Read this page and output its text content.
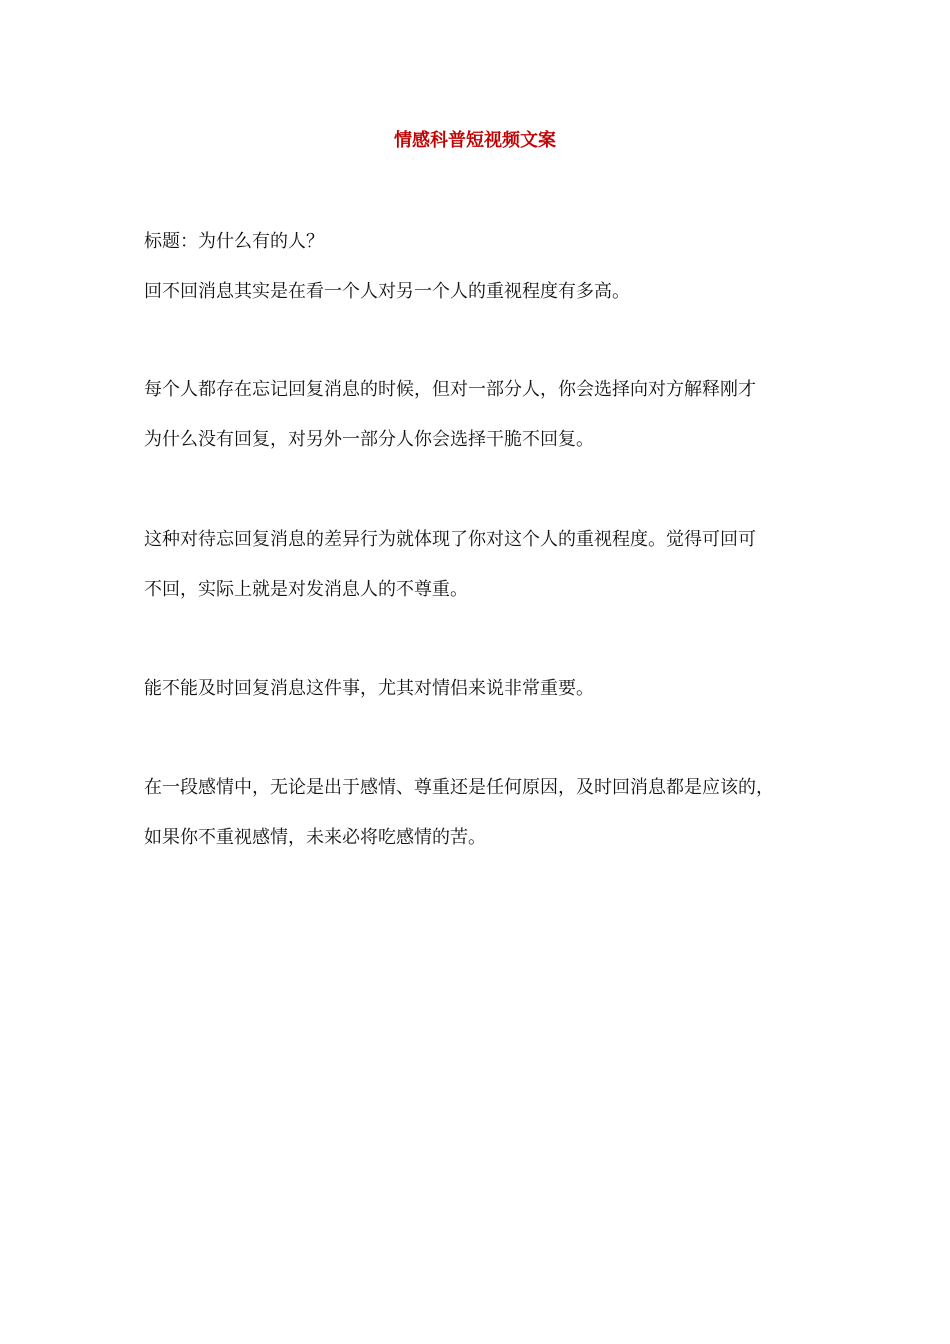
情感科普短视频文案
标题：为什么有的人？
回不回消息其实是在看一个人对另一个人的重视程度有多高。
每个人都存在忘记回复消息的时候，但对一部分人，你会选择向对方解释刚才
为什么没有回复，对另外一部分人你会选择干脆不回复。
这种对待忘回复消息的差异行为就体现了你对这个人的重视程度。觉得可回可
不回，实际上就是对发消息人的不尊重。
能不能及时回复消息这件事，尤其对情侣来说非常重要。
在一段感情中，无论是出于感情、尊重还是任何原因，及时回消息都是应该的，
如果你不重视感情，未来必将吃感情的苦。
